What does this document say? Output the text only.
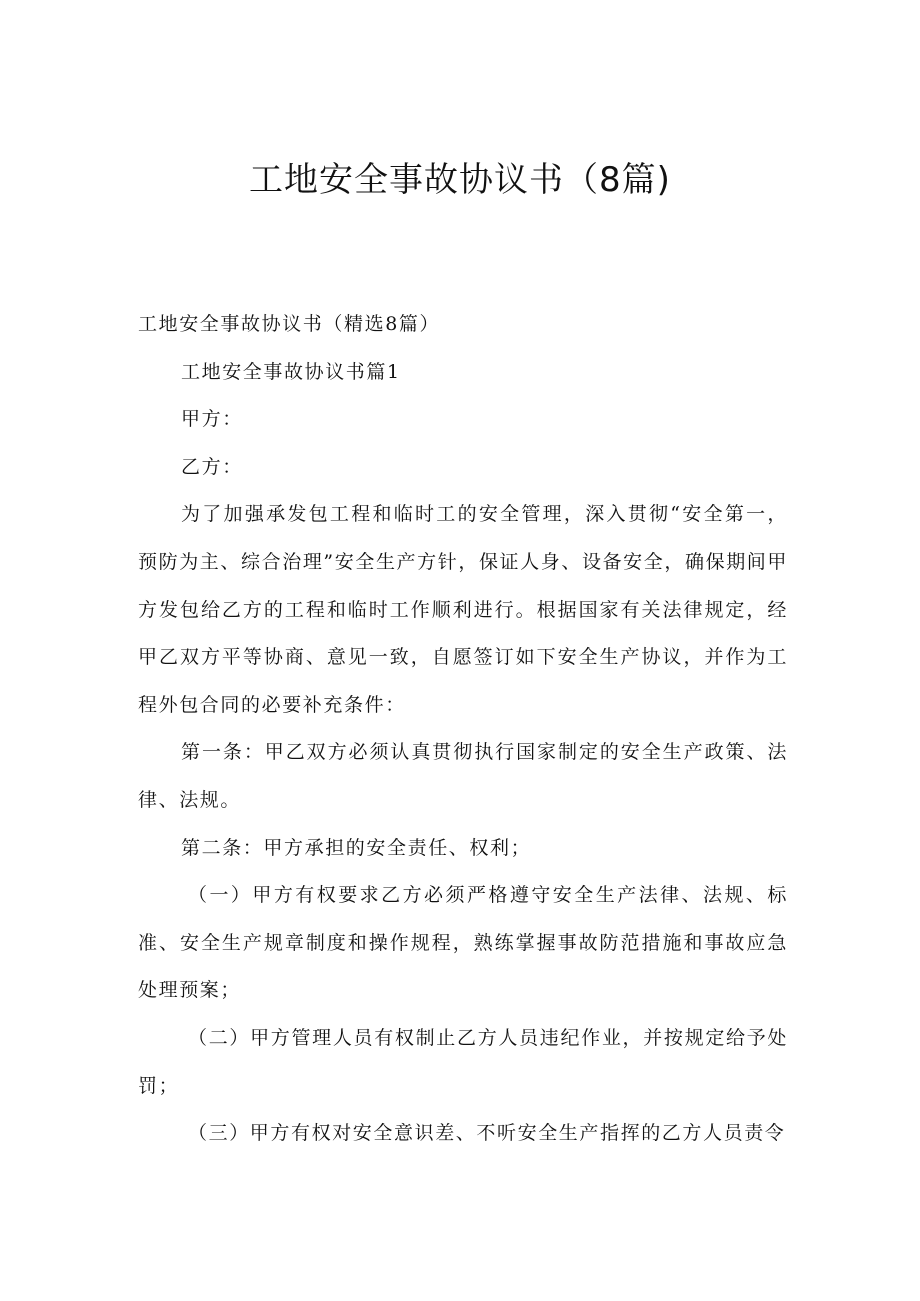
工地安全事故协议书（8篇)

工地安全事故协议书（精选8篇）

工地安全事故协议书篇1

甲方：

乙方：

为了加强承发包工程和临时工的安全管理，深入贯彻“安全第一，预防为主、综合治理”安全生产方针，保证人身、设备安全，确保期间甲方发包给乙方的工程和临时工作顺利进行。根据国家有关法律规定，经甲乙双方平等协商、意见一致，自愿签订如下安全生产协议，并作为工程外包合同的必要补充条件：

第一条：甲乙双方必须认真贯彻执行国家制定的安全生产政策、法律、法规。

第二条：甲方承担的安全责任、权利；

（一）甲方有权要求乙方必须严格遵守安全生产法律、法规、标准、安全生产规章制度和操作规程，熟练掌握事故防范措施和事故应急处理预案；

（二）甲方管理人员有权制止乙方人员违纪作业，并按规定给予处罚；

（三）甲方有权对安全意识差、不听安全生产指挥的乙方人员责令
